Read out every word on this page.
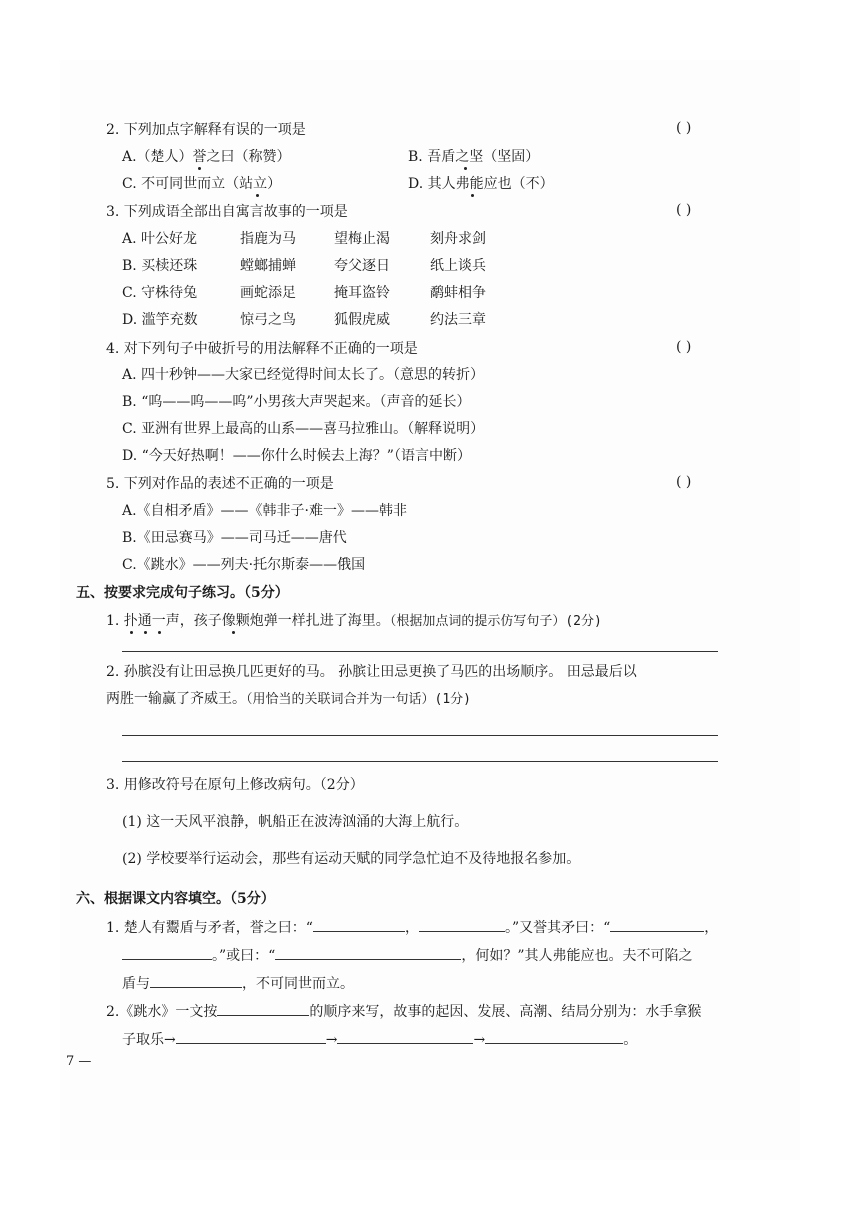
2. 下列加点字解释有误的一项是	( )
A.（楚人）誉之曰（称赞）	B. 吾盾之坚（坚固）
C. 不可同世而立（站立）	D. 其人弗能应也（不）
3. 下列成语全部出自寓言故事的一项是	( )
A. 叶公好龙	指鹿为马	望梅止渴	刻舟求剑
B. 买椟还珠	螳螂捕蝉	夸父逐日	纸上谈兵
C. 守株待兔	画蛇添足	掩耳盗铃	鹬蚌相争
D. 滥竽充数	惊弓之鸟	狐假虎威	约法三章
4. 对下列句子中破折号的用法解释不正确的一项是	( )
A. 四十秒钟——大家已经觉得时间太长了。（意思的转折）
B. “呜——呜——呜”小男孩大声哭起来。（声音的延长）
C. 亚洲有世界上最高的山系——喜马拉雅山。（解释说明）
D. “今天好热啊！——你什么时候去上海？”（语言中断）
5. 下列对作品的表述不正确的一项是	( )
A.《自相矛盾》——《韩非子·难一》——韩非
B.《田忌赛马》——司马迁——唐代
C.《跳水》——列夫·托尔斯泰——俄国
五、按要求完成句子练习。（5分）
1. 扑通一声，孩子像颗炮弹一样扎进了海里。（根据加点词的提示仿写句子）(2分)
2. 孙膑没有让田忌换几匹更好的马。 孙膑让田忌更换了马匹的出场顺序。 田忌最后以
两胜一输赢了齐威王。（用恰当的关联词合并为一句话）(1分)
3. 用修改符号在原句上修改病句。（2分）
(1) 这一天风平浪静，帆船正在波涛汹涌的大海上航行。
(2) 学校要举行运动会，那些有运动天赋的同学急忙迫不及待地报名参加。
六、根据课文内容填空。（5分）
1. 楚人有鬻盾与矛者，誉之曰：“	，	。”又誉其矛曰：“	，
。”或曰：“	，何如？”其人弗能应也。夫不可陷之
盾与	，不可同世而立。
2.《跳水》一文按	的顺序来写，故事的起因、发展、高潮、结局分别为：水手拿猴
子取乐→	→	→	。
7 —
